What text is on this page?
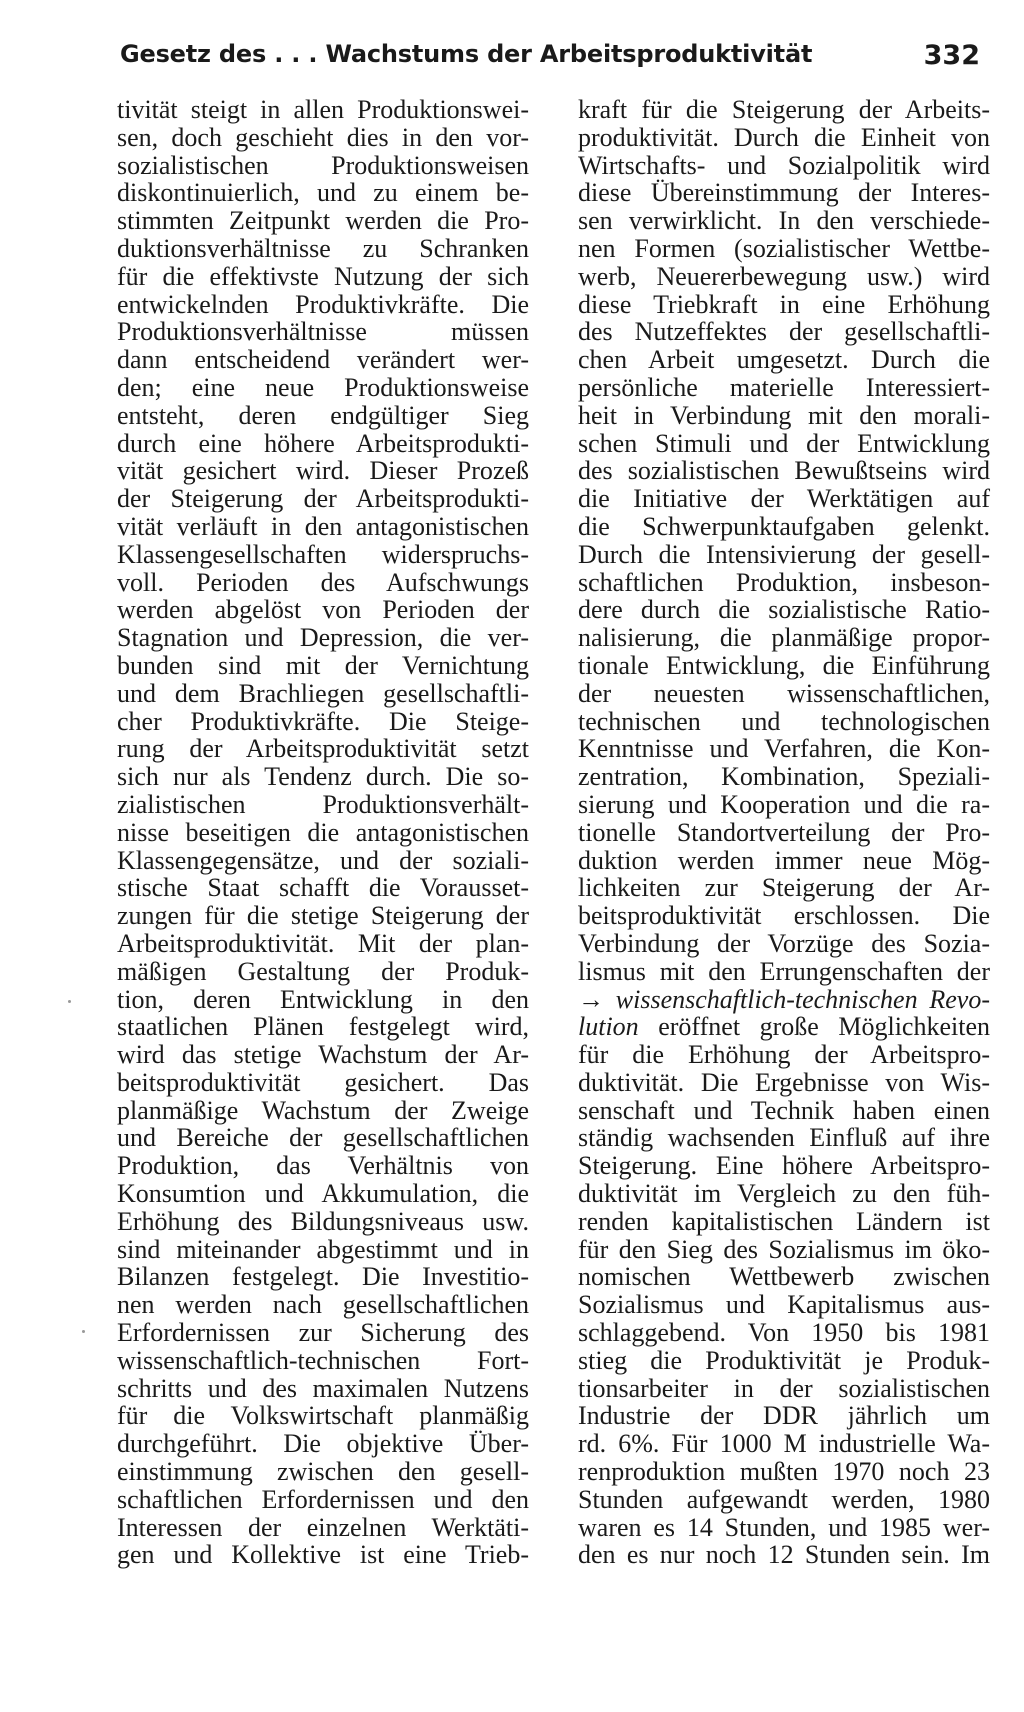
Gesetz des . . . Wachstums der Arbeitsproduktivität	332
tivität steigt in allen Produktionswei-
sen, doch geschieht dies in den vor-
sozialistischen Produktionsweisen
diskontinuierlich, und zu einem be-
stimmten Zeitpunkt werden die Pro-
duktionsverhältnisse zu Schranken
für die effektivste Nutzung der sich
entwickelnden Produktivkräfte. Die
Produktionsverhältnisse müssen
dann entscheidend verändert wer-
den; eine neue Produktionsweise
entsteht, deren endgültiger Sieg
durch eine höhere Arbeitsprodukti-
vität gesichert wird. Dieser Prozeß
der Steigerung der Arbeitsprodukti-
vität verläuft in den antagonistischen
Klassengesellschaften widerspruchs-
voll. Perioden des Aufschwungs
werden abgelöst von Perioden der
Stagnation und Depression, die ver-
bunden sind mit der Vernichtung
und dem Brachliegen gesellschaftli-
cher Produktivkräfte. Die Steige-
rung der Arbeitsproduktivität setzt
sich nur als Tendenz durch. Die so-
zialistischen Produktionsverhält-
nisse beseitigen die antagonistischen
Klassengegensätze, und der soziali-
stische Staat schafft die Vorausset-
zungen für die stetige Steigerung der
Arbeitsproduktivität. Mit der plan-
mäßigen Gestaltung der Produk-
tion, deren Entwicklung in den
staatlichen Plänen festgelegt wird,
wird das stetige Wachstum der Ar-
beitsproduktivität gesichert. Das
planmäßige Wachstum der Zweige
und Bereiche der gesellschaftlichen
Produktion, das Verhältnis von
Konsumtion und Akkumulation, die
Erhöhung des Bildungsniveaus usw.
sind miteinander abgestimmt und in
Bilanzen festgelegt. Die Investitio-
nen werden nach gesellschaftlichen
Erfordernissen zur Sicherung des
wissenschaftlich-technischen Fort-
schritts und des maximalen Nutzens
für die Volkswirtschaft planmäßig
durchgeführt. Die objektive Über-
einstimmung zwischen den gesell-
schaftlichen Erfordernissen und den
Interessen der einzelnen Werktäti-
gen und Kollektive ist eine Trieb-
kraft für die Steigerung der Arbeits-
produktivität. Durch die Einheit von
Wirtschafts- und Sozialpolitik wird
diese Übereinstimmung der Interes-
sen verwirklicht. In den verschiede-
nen Formen (sozialistischer Wettbe-
werb, Neuererbewegung usw.) wird
diese Triebkraft in eine Erhöhung
des Nutzeffektes der gesellschaftli-
chen Arbeit umgesetzt. Durch die
persönliche materielle Interessiert-
heit in Verbindung mit den morali-
schen Stimuli und der Entwicklung
des sozialistischen Bewußtseins wird
die Initiative der Werktätigen auf
die Schwerpunktaufgaben gelenkt.
Durch die Intensivierung der gesell-
schaftlichen Produktion, insbeson-
dere durch die sozialistische Ratio-
nalisierung, die planmäßige propor-
tionale Entwicklung, die Einführung
der neuesten wissenschaftlichen,
technischen und technologischen
Kenntnisse und Verfahren, die Kon-
zentration, Kombination, Speziali-
sierung und Kooperation und die ra-
tionelle Standortverteilung der Pro-
duktion werden immer neue Mög-
lichkeiten zur Steigerung der Ar-
beitsproduktivität erschlossen. Die
Verbindung der Vorzüge des Sozia-
lismus mit den Errungenschaften der
→ wissenschaftlich-technischen Revo-
lution eröffnet große Möglichkeiten
für die Erhöhung der Arbeitspro-
duktivität. Die Ergebnisse von Wis-
senschaft und Technik haben einen
ständig wachsenden Einfluß auf ihre
Steigerung. Eine höhere Arbeitspro-
duktivität im Vergleich zu den füh-
renden kapitalistischen Ländern ist
für den Sieg des Sozialismus im öko-
nomischen Wettbewerb zwischen
Sozialismus und Kapitalismus aus-
schlaggebend. Von 1950 bis 1981
stieg die Produktivität je Produk-
tionsarbeiter in der sozialistischen
Industrie der DDR jährlich um
rd. 6%. Für 1000 M industrielle Wa-
renproduktion mußten 1970 noch 23
Stunden aufgewandt werden, 1980
waren es 14 Stunden, und 1985 wer-
den es nur noch 12 Stunden sein. Im
